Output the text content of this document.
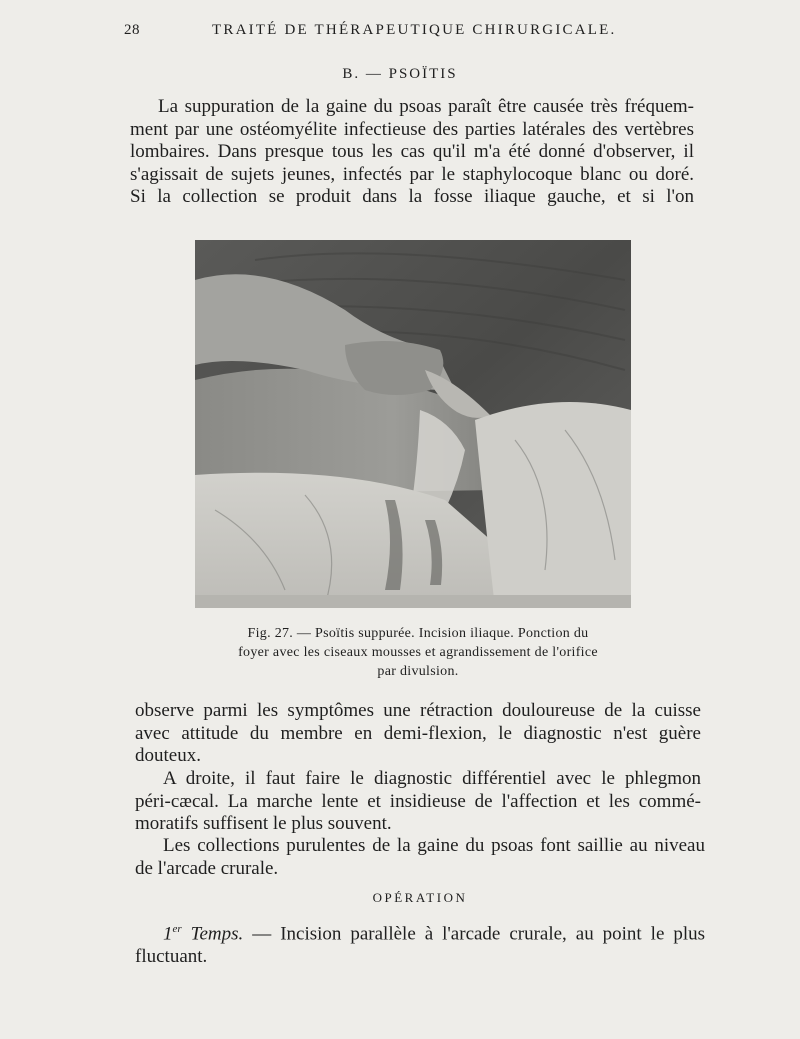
28	TRAITÉ DE THÉRAPEUTIQUE CHIRURGICALE.
B. — PSOÏTIS
La suppuration de la gaine du psoas paraît être causée très fréquem-
ment par une ostéomyélite infectieuse des parties latérales des vertèbres
lombaires. Dans presque tous les cas qu'il m'a été donné d'observer, il
s'agissait de sujets jeunes, infectés par le staphylocoque blanc ou doré.
Si la collection se produit dans la fosse iliaque gauche, et si l'on
Fig. 27. — Psoïtis suppurée. Incision iliaque. Ponction du
foyer avec les ciseaux mousses et agrandissement de l'orifice
par divulsion.
observe parmi les symptômes une rétraction douloureuse de la cuisse
avec attitude du membre en demi-flexion, le diagnostic n'est guère
douteux.
A droite, il faut faire le diagnostic différentiel avec le phlegmon
péri-cæcal. La marche lente et insidieuse de l'affection et les commé-
moratifs suffisent le plus souvent.
Les collections purulentes de la gaine du psoas font saillie au niveau
de l'arcade crurale.
OPÉRATION
1er Temps. — Incision parallèle à l'arcade crurale, au point le plus
fluctuant.
